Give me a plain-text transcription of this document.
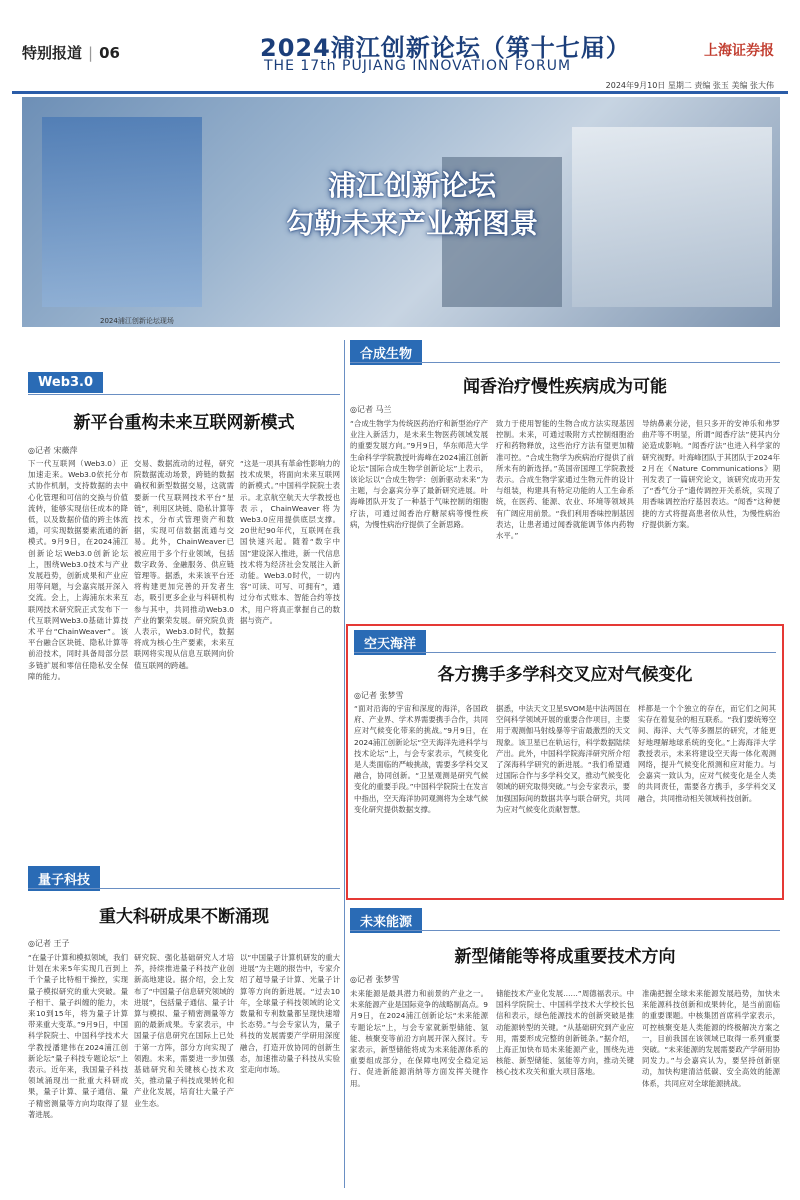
特别报道 | 06	2024浦江创新论坛（第十七届）
THE 17th PUJIANG INNOVATION FORUM
上海证券报
2024年9月10日 星期二 责编 张玉 美编 张大伟
浦江创新论坛
勾勒未来产业新图景
2024浦江创新论坛现场
Web3.0
新平台重构未来互联网新模式
◎记者 宋薇萍
下一代互联网（Web3.0）正加速走来。Web3.0依托分布式协作机制，支持数据的去中心化管理和可信的交换与价值流转，能够实现信任成本的降低，以及数据价值的跨主体流通，可实现数据要素流通的新模式。9月9日，在2024浦江创新论坛Web3.0创新论坛上，围绕Web3.0技术与产业发展趋势，创新成果和产业应用等问题，与会嘉宾展开深入交流。会上，上海浦东未来互联网技术研究院正式发布下一代互联网Web3.0基础计算技术平台“ChainWeaver”。该平台融合区块链、隐私计算等前沿技术，同时具备局部分层多链扩展和零信任隐私安全保障的能力。
交易、数据流动的过程，研究院数据流动场景，跨链的数据确权和新型数据交易，这就需要新一代互联网技术平台“星链”，利用区块链、隐私计算等技术，分布式管理资产和数据，实现可信数据流通与交易。此外，ChainWeaver已被应用于多个行业领域，包括数字政务、金融服务、供应链管理等。据悉，未来该平台还将构建更加完善的开发者生态，吸引更多企业与科研机构参与其中，共同推动Web3.0产业的繁荣发展。研究院负责人表示，Web3.0时代，数据将成为核心生产要素，未来互联网将实现从信息互联网向价值互联网的跨越。
“这是一项具有革命性影响力的技术成果，将面向未来互联网的新模式。”中国科学院院士表示。北京航空航天大学教授也表示，ChainWeaver将为Web3.0应用提供底层支撑。20世纪90年代，互联网在我国快速兴起。随着“数字中国”建设深入推进，新一代信息技术将为经济社会发展注入新动能。Web3.0时代，一切内容“可读、可写、可拥有”，通过分布式账本、智能合约等技术，用户将真正掌握自己的数据与资产。
量子科技
重大科研成果不断涌现
◎记者 王子
“在量子计算和模拟领域，我们计划在未来5年实现几百到上千个量子比特相干操控，实现量子模拟研究的重大突破。量子相干、量子纠缠的能力，未来10到15年，将为量子计算带来重大变革。”9月9日，中国科学院院士、中国科学技术大学教授潘建伟在2024浦江创新论坛“量子科技专题论坛”上表示。近年来，我国量子科技领域涌现出一批重大科研成果，量子计算、量子通信、量子精密测量等方向均取得了显著进展。
研究院、强化基础研究人才培养，持续推进量子科技产业创新高地建设。据介绍，会上发布了“中国量子信息研究领域的进展”，包括量子通信、量子计算与模拟、量子精密测量等方面的最新成果。专家表示，中国量子信息研究在国际上已处于第一方阵，部分方向实现了领跑。未来，需要进一步加强基础研究和关键核心技术攻关，推动量子科技成果转化和产业化发展，培育壮大量子产业生态。
以“中国量子计算机研发的重大进展”为主题的报告中，专家介绍了超导量子计算、光量子计算等方向的新进展。“过去10年，全球量子科技领域的论文数量和专利数量都呈现快速增长态势。”与会专家认为，量子科技的发展需要产学研用深度融合，打造开放协同的创新生态，加速推动量子科技从实验室走向市场。
合成生物
闻香治疗慢性疾病成为可能
◎记者 马兰
“合成生物学为传统医药治疗和新型治疗产业注入新活力，是未来生物医药领域发展的重要发展方向。”9月9日，华东师范大学生命科学学院教授叶海峰在2024浦江创新论坛“国际合成生物学创新论坛”上表示，该论坛以“合成生物学：创新驱动未来”为主题，与会嘉宾分享了最新研究进展。叶海峰团队开发了一种基于气味控制的细胞疗法，可通过闻香治疗糖尿病等慢性疾病，为慢性病治疗提供了全新思路。
致力于使用智能的生物合成方法实现基因控制。未来，可通过吸附方式控制细胞治疗和药物释放，这些治疗方法有望更加精准可控。“合成生物学为疾病治疗提供了前所未有的新选择。”英国帝国理工学院教授表示。合成生物学家通过生物元件的设计与组装，构建具有特定功能的人工生命系统，在医药、能源、农业、环境等领域具有广阔应用前景。“我们利用香味控制基因表达，让患者通过闻香就能调节体内药物水平。”
导纳鼻素分泌，但只多开的安神乐和弗罗曲芹等不明显，所谓“闻香疗法”使其内分泌造成影响。“闻香疗法”也进入科学家的研究视野。叶海峰团队于其团队于2024年2月在《Nature Communications》期刊发表了一篇研究论文，该研究成功开发了“香气分子”遗传调控开关系统，实现了用香味调控治疗基因表达。“闻香”这种便捷的方式将提高患者依从性，为慢性病治疗提供新方案。
空天海洋
各方携手多学科交叉应对气候变化
◎记者 张梦雪
“面对沿海的宇宙和深度的海洋，各国政府、产业界、学术界需要携手合作，共同应对气候变化带来的挑战。”9月9日，在2024浦江创新论坛“空天海洋先进科学与技术论坛”上，与会专家表示，气候变化是人类面临的严峻挑战，需要多学科交叉融合，协同创新。“卫星观测是研究气候变化的重要手段。”中国科学院院士在发言中指出，空天海洋协同观测将为全球气候变化研究提供数据支撑。
据悉，中法天文卫星SVOM是中法两国在空间科学领域开展的重要合作项目，主要用于观测伽马射线暴等宇宙最激烈的天文现象。该卫星已在轨运行，科学数据陆续产出。此外，中国科学院海洋研究所介绍了深海科学研究的新进展。“我们希望通过国际合作与多学科交叉，推动气候变化领域的研究取得突破。”与会专家表示，要加强国际间的数据共享与联合研究，共同为应对气候变化贡献智慧。
样都是一个个独立的存在，而它们之间其实存在着复杂的相互联系。“我们要统筹空间、海洋、大气等多圈层的研究，才能更好地理解地球系统的变化。”上海海洋大学教授表示，未来将建设空天海一体化观测网络，提升气候变化预测和应对能力。与会嘉宾一致认为，应对气候变化是全人类的共同责任，需要各方携手，多学科交叉融合，共同推动相关领域科技创新。
未来能源
新型储能等将成重要技术方向
◎记者 张梦雪
未来能源是最具潜力和前景的产业之一。未来能源产业是国际竞争的战略制高点。9月9日，在2024浦江创新论坛“未来能源专题论坛”上，与会专家就新型储能、氢能、核聚变等前沿方向展开深入探讨。专家表示，新型储能将成为未来能源体系的重要组成部分，在保障电网安全稳定运行、促进新能源消纳等方面发挥关键作用。
储能技术产业化发展……”周德福表示。中国科学院院士、中国科学技术大学校长包信和表示，绿色能源技术的创新突破是推动能源转型的关键。“从基础研究到产业应用，需要形成完整的创新链条。”据介绍，上海正加快布局未来能源产业，围绕先进核能、新型储能、氢能等方向，推动关键核心技术攻关和重大项目落地。
准确把握全球未来能源发展趋势，加快未来能源科技创新和成果转化，是当前面临的重要课题。中核集团首席科学家表示，可控核聚变是人类能源的终极解决方案之一，目前我国在该领域已取得一系列重要突破。“未来能源的发展需要政产学研用协同发力。”与会嘉宾认为，要坚持创新驱动，加快构建清洁低碳、安全高效的能源体系，共同应对全球能源挑战。
